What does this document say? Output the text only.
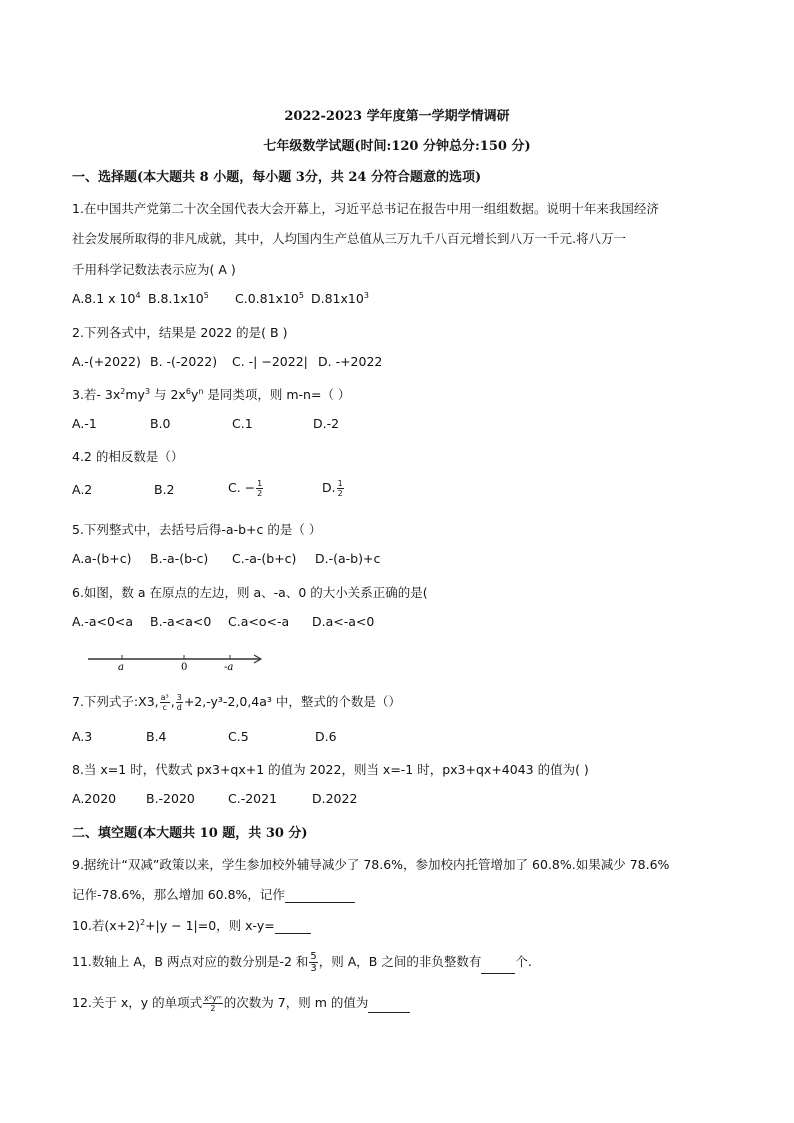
2022-2023 学年度第一学期学情调研
七年级数学试题(时间:120 分钟总分:150 分)
一、选择题(本大题共 8 小题，每小题 3分，共 24 分符合题意的选项)
1.在中国共产党第二十次全国代表大会开幕上，习近平总书记在报告中用一组组数据。说明十年来我国经济
社会发展所取得的非凡成就，其中，人均国内生产总值从三万九千八百元增长到八万一千元.将八万一
千用科学记数法表示应为( A )
A.8.1 x $10^4$ $B.8.1x10^5$ $C.0.81x10^5$ $D.81x10^3$
2.下列各式中，结果是 2022 的是( B )
A.-(+2022) B. -(-2022) C. -| −2022| D. -+2022
3.若- $3x^2my^3$ 与 $2x^6y^n$ 是同类项，则 m-n=（ ）
A.-1	B.0	C.1	D.-2
4.2 的相反数是（）
A.2	B.2	C. − $\frac{1}{2}$	D. $\frac{1}{2}$
5.下列整式中，去括号后得-a-b+c 的是（ ）
A.a-(b+c) B.-a-(b-c) C.-a-(b+c) D.-(a-b)+c
6.如图，数 a 在原点的左边，则 a、-a、0 的大小关系正确的是(
A.-a<0<a B.-a<a<0 C.a<o<-a D.a<-a<0
a	0	-a
7.下列式子:X3, $\frac{\text{a³}}{c}$ , $\frac{3}{d} +2,-y^3-2,0,4a^3$ 中，整式的个数是（）
A.3	B.4	C.5	D.6
8.当 x=1 时，代数式 px3+qx+1 的值为 2022，则当 x=-1 时，px3+qx+4043 的值为( )
A.2020 B.-2020	C.-2021	D.2022
二、填空题(本大题共 10 题，共 30 分)
9.据统计“双减”政策以来，学生参加校外辅导减少了 78.6%，参加校内托管增加了 60.8%.如果减少 78.6%
记作-78.6%，那么增加 60.8%，记作
10.若$(x+2)^2+|y - 1|=0$，则 x-y=
11.数轴上 A，B 两点对应的数分别是-2 和 $\frac{5}{3}$ ，则 A，B 之间的非负整数有	个.
12.关于 x，y 的单项式 $\frac{\text{x²yᵐ}}{2}$ 的次数为 7，则 m 的值为
